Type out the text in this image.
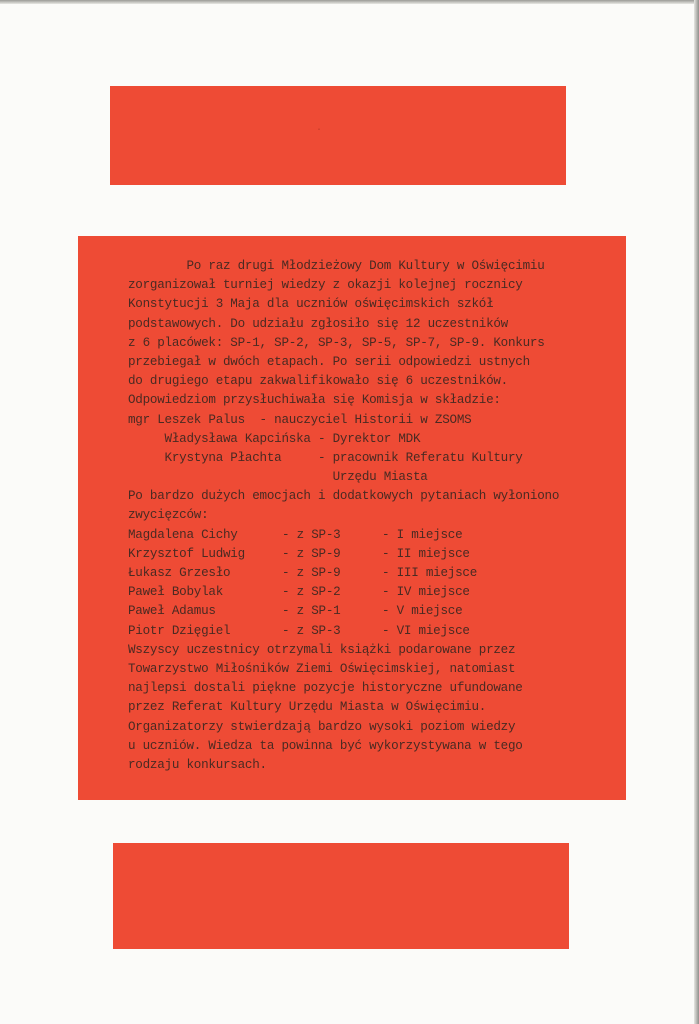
·
Po raz drugi Młodzieżowy Dom Kultury w Oświęcimiu
zorganizował turniej wiedzy z okazji kolejnej rocznicy
Konstytucji 3 Maja dla uczniów oświęcimskich szkół
podstawowych. Do udziału zgłosiło się 12 uczestników
z 6 placówek: SP-1, SP-2, SP-3, SP-5, SP-7, SP-9. Konkurs
przebiegał w dwóch etapach. Po serii odpowiedzi ustnych
do drugiego etapu zakwalifikowało się 6 uczestników.
Odpowiedziom przysłuchiwała się Komisja w składzie:
mgr Leszek Palus  - nauczyciel Historii w ZSOMS
Władysława Kapcińska - Dyrektor MDK
Krystyna Płachta     - pracownik Referatu Kultury
Urzędu Miasta
Po bardzo dużych emocjach i dodatkowych pytaniach wyłoniono
zwycięzców:
Magdalena Cichy	- z SP-3	- I miejsce
Krzysztof Ludwig	- z SP-9	- II miejsce
Łukasz Grzesło	- z SP-9	- III miejsce
Paweł Bobylak	- z SP-2	- IV miejsce
Paweł Adamus	- z SP-1	- V miejsce
Piotr Dzięgiel	- z SP-3	- VI miejsce
Wszyscy uczestnicy otrzymali książki podarowane przez
Towarzystwo Miłośników Ziemi Oświęcimskiej, natomiast
najlepsi dostali piękne pozycje historyczne ufundowane
przez Referat Kultury Urzędu Miasta w Oświęcimiu.
Organizatorzy stwierdzają bardzo wysoki poziom wiedzy
u uczniów. Wiedza ta powinna być wykorzystywana w tego
rodzaju konkursach.
